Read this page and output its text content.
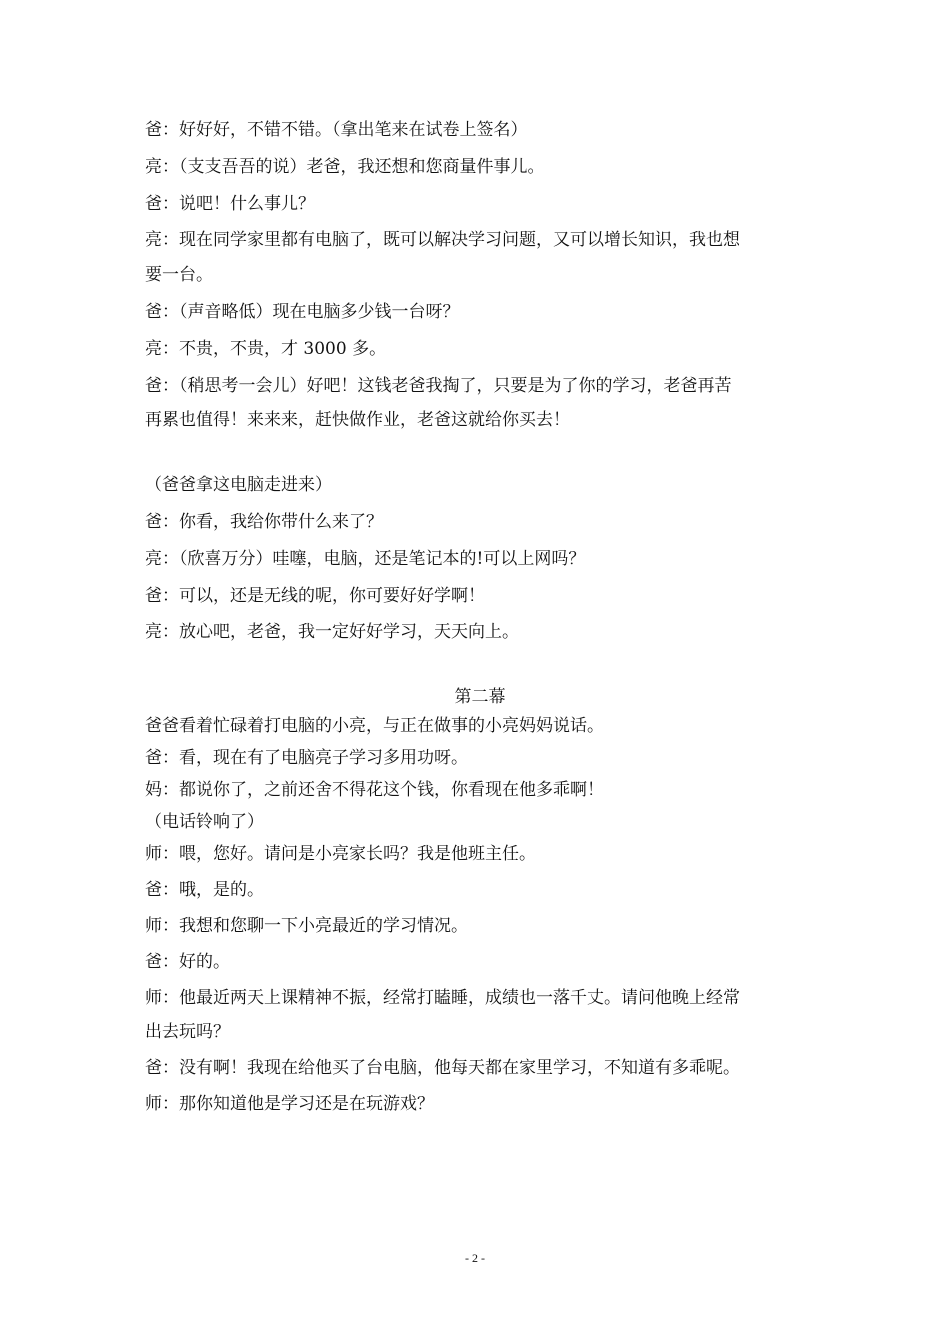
爸：好好好，不错不错。（拿出笔来在试卷上签名）

亮：（支支吾吾的说）老爸，我还想和您商量件事儿。

爸：说吧！什么事儿？

亮：现在同学家里都有电脑了，既可以解决学习问题，又可以增长知识，我也想

要一台。

爸：（声音略低）现在电脑多少钱一台呀？

亮：不贵，不贵，才 3000 多。

爸：（稍思考一会儿）好吧！这钱老爸我掏了，只要是为了你的学习，老爸再苦

再累也值得！来来来，赶快做作业，老爸这就给你买去！

（爸爸拿这电脑走进来）

爸：你看，我给你带什么来了？

亮：（欣喜万分）哇噻，电脑，还是笔记本的!可以上网吗？

爸：可以，还是无线的呢，你可要好好学啊！

亮：放心吧，老爸，我一定好好学习，天天向上。

第二幕

爸爸看着忙碌着打电脑的小亮，与正在做事的小亮妈妈说话。

爸：看，现在有了电脑亮子学习多用功呀。

妈：都说你了，之前还舍不得花这个钱，你看现在他多乖啊！

（电话铃响了）

师：喂，您好。请问是小亮家长吗？我是他班主任。

爸：哦，是的。

师：我想和您聊一下小亮最近的学习情况。

爸：好的。

师：他最近两天上课精神不振，经常打瞌睡，成绩也一落千丈。请问他晚上经常

出去玩吗？

爸：没有啊！我现在给他买了台电脑，他每天都在家里学习，不知道有多乖呢。

师：那你知道他是学习还是在玩游戏？

- 2 -
